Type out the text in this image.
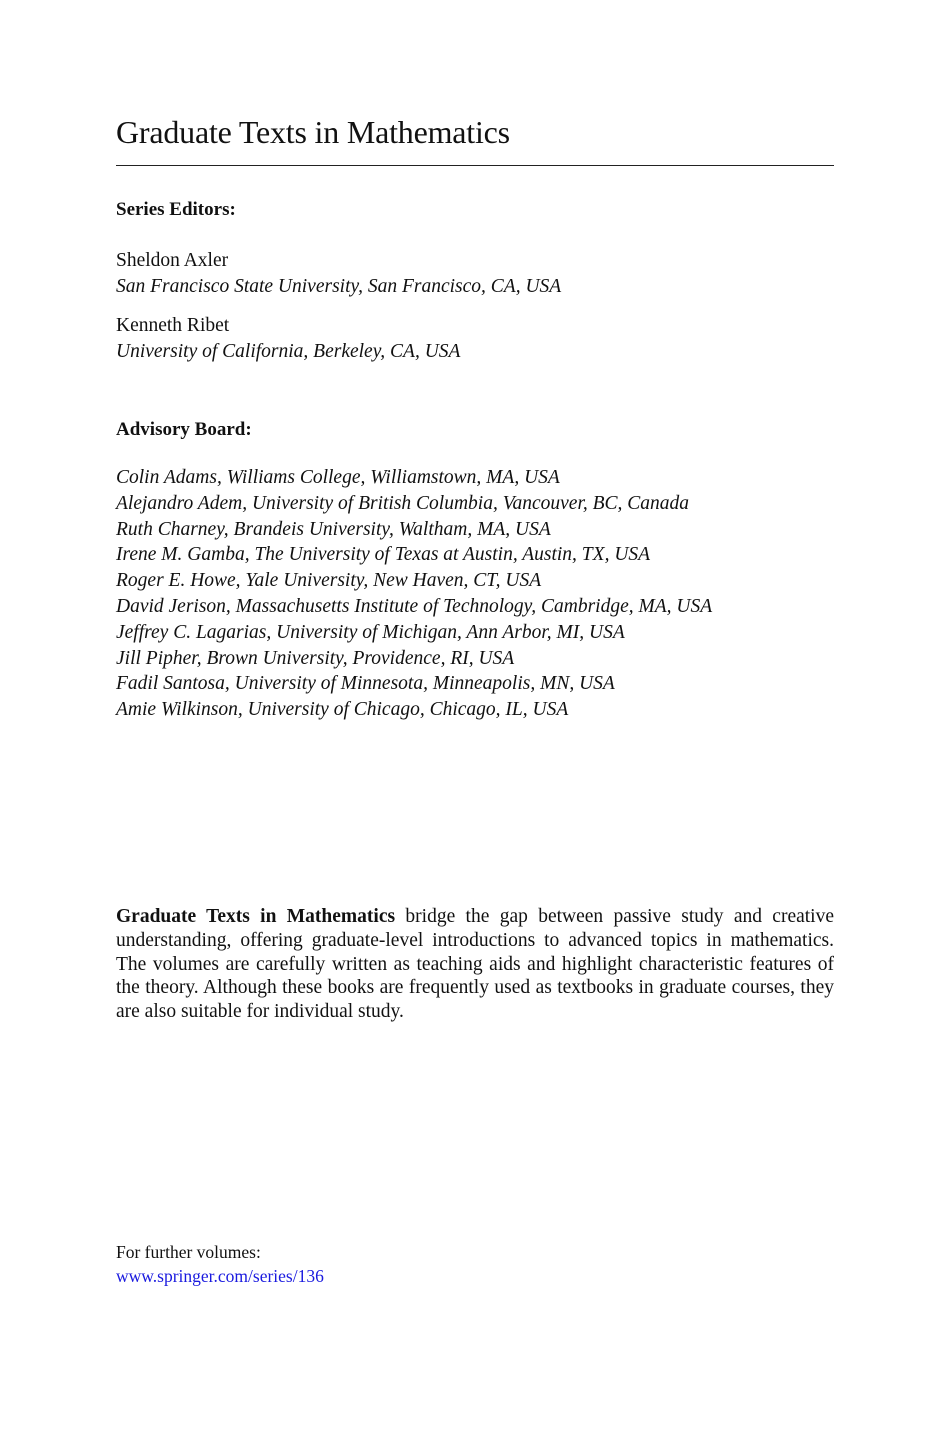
Graduate Texts in Mathematics
Series Editors:
Sheldon Axler
San Francisco State University, San Francisco, CA, USA
Kenneth Ribet
University of California, Berkeley, CA, USA
Advisory Board:
Colin Adams, Williams College, Williamstown, MA, USA
Alejandro Adem, University of British Columbia, Vancouver, BC, Canada
Ruth Charney, Brandeis University, Waltham, MA, USA
Irene M. Gamba, The University of Texas at Austin, Austin, TX, USA
Roger E. Howe, Yale University, New Haven, CT, USA
David Jerison, Massachusetts Institute of Technology, Cambridge, MA, USA
Jeffrey C. Lagarias, University of Michigan, Ann Arbor, MI, USA
Jill Pipher, Brown University, Providence, RI, USA
Fadil Santosa, University of Minnesota, Minneapolis, MN, USA
Amie Wilkinson, University of Chicago, Chicago, IL, USA
Graduate Texts in Mathematics bridge the gap between passive study and creative understanding, offering graduate-level introductions to advanced topics in mathematics. The volumes are carefully written as teaching aids and highlight characteristic features of the theory. Although these books are frequently used as textbooks in graduate courses, they are also suitable for individual study.
For further volumes:
www.springer.com/series/136
